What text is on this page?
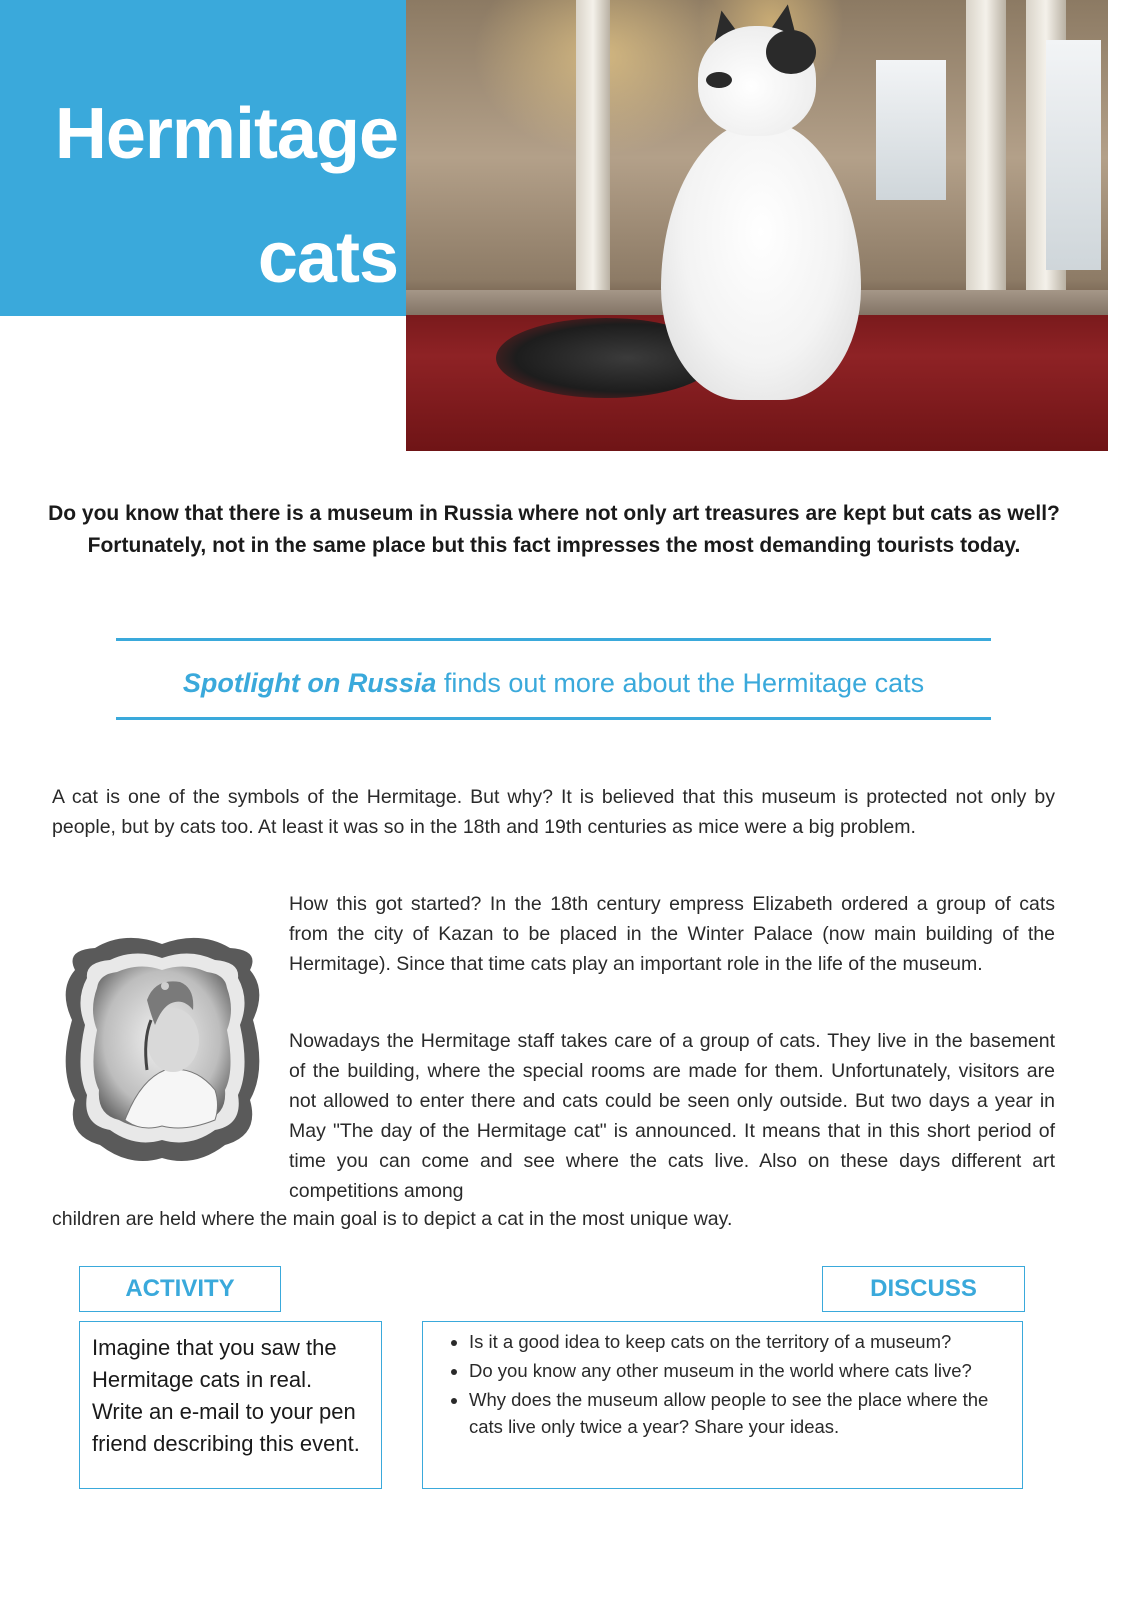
Hermitage
cats
Do you know that there is a museum in Russia where not only art treasures are kept but cats as well? Fortunately, not in the same place but this fact impresses the most demanding tourists today.
Spotlight on Russia finds out more about the Hermitage cats
A cat is one of the symbols of the Hermitage. But why? It is believed that this museum is protected not only by people, but by cats too. At least it was so in the 18th and 19th centuries as mice were a big problem.
How this got started? In the 18th century empress Elizabeth ordered a group of cats from the city of Kazan to be placed in the Winter Palace (now main building of the Hermitage). Since that time cats play an important role in the life of the museum.
Nowadays the Hermitage staff takes care of a group of cats. They live in the basement of the building, where the special rooms are made for them. Unfortunately, visitors are not allowed to enter there and cats could be seen only outside. But two days a year in May "The day of the Hermitage cat" is announced. It means that in this short period of time you can come and see where the cats live. Also on these days different art competitions among
children are held where the main goal is to depict a cat in the most unique way.
ACTIVITY	DISCUSS
Imagine that you saw the Hermitage cats in real. Write an e-mail to your pen friend describing this event.
• Is it a good idea to keep cats on the territory of a museum?
• Do you know any other museum in the world where cats live?
• Why does the museum allow people to see the place where the cats live only twice a year? Share your ideas.
